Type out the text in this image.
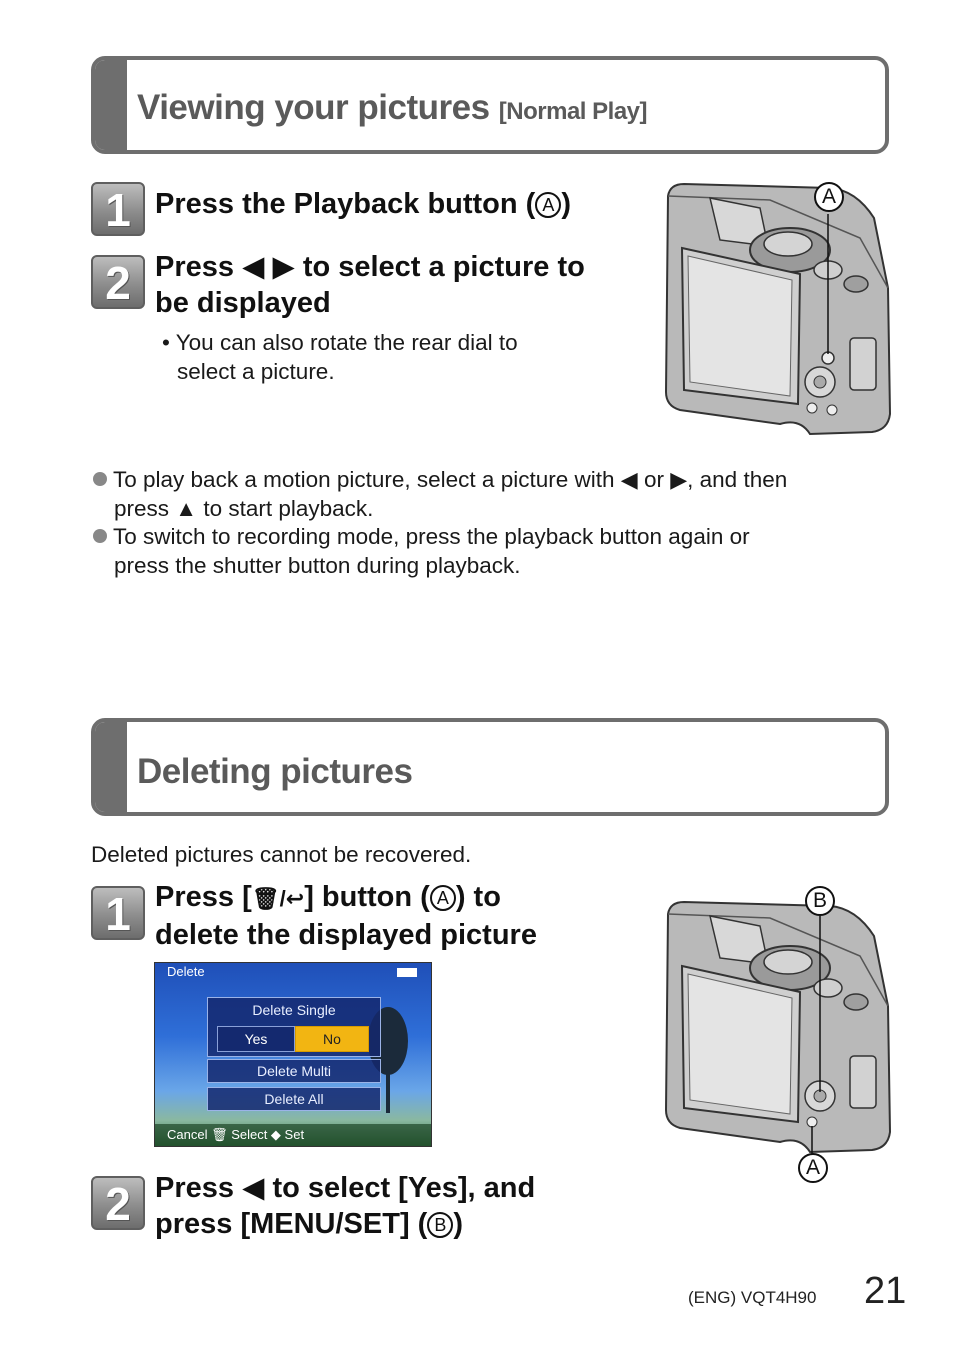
Viewing your pictures [Normal Play]
1 Press the Playback button ( A )
2 Press ◀ ▶ to select a picture to
be displayed
• You can also rotate the rear dial to
select a picture.
A
To play back a motion picture, select a picture with ◀ or ▶, and then
press ▲ to start playback.
To switch to recording mode, press the playback button again or
press the shutter button during playback.
Deleting pictures
Deleted pictures cannot be recovered.
1 Press [🗑/↩] button ( A ) to
delete the displayed picture
Delete
Delete Single
Yes	No
Delete Multi
Delete All
Cancel 🗑 Select ◆ Set
2 Press ◀ to select [Yes], and
press [MENU/SET] ( B )
B
A
(ENG) VQT4H90 21
